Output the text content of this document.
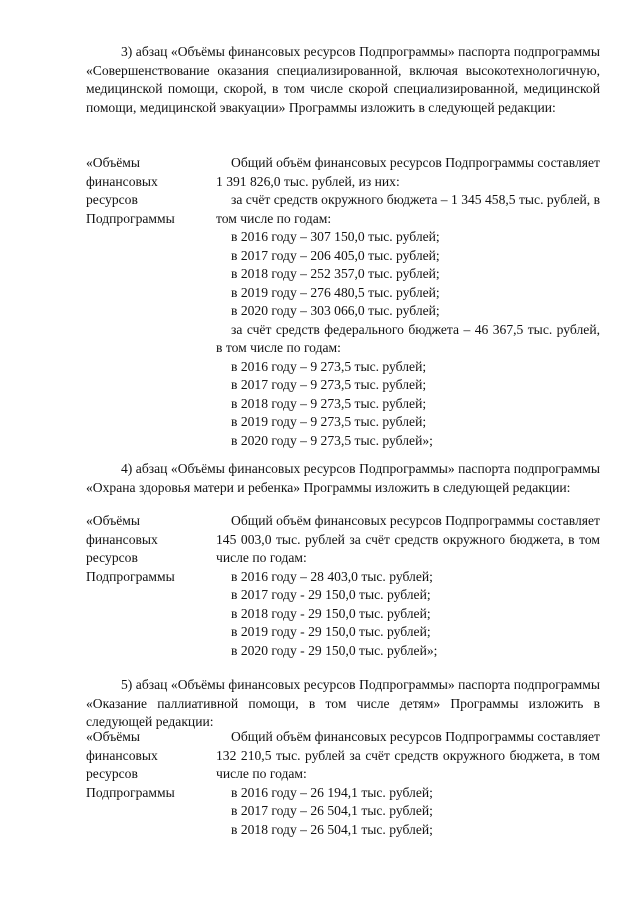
3) абзац «Объёмы финансовых ресурсов Подпрограммы» паспорта подпрограммы «Совершенствование оказания специализированной, включая высокотехнологичную, медицинской помощи, скорой, в том числе скорой специализированной, медицинской помощи, медицинской эвакуации» Программы изложить в следующей редакции:

«Объёмы
финансовых
ресурсов
Подпрограммы

Общий объём финансовых ресурсов Подпрограммы составляет 1 391 826,0 тыс. рублей, из них:

за счёт средств окружного бюджета – 1 345 458,5 тыс. рублей, в том числе по годам:

в 2016 году – 307 150,0 тыс. рублей;

в 2017 году – 206 405,0 тыс. рублей;

в 2018 году – 252 357,0 тыс. рублей;

в 2019 году – 276 480,5 тыс. рублей;

в 2020 году – 303 066,0 тыс. рублей;

за счёт средств федерального бюджета – 46 367,5 тыс. рублей, в том числе по годам:

в 2016 году – 9 273,5 тыс. рублей;

в 2017 году – 9 273,5 тыс. рублей;

в 2018 году – 9 273,5 тыс. рублей;

в 2019 году – 9 273,5 тыс. рублей;

в 2020 году – 9 273,5 тыс. рублей»;

4) абзац «Объёмы финансовых ресурсов Подпрограммы» паспорта подпрограммы «Охрана здоровья матери и ребенка» Программы изложить в следующей редакции:

«Объёмы
финансовых
ресурсов
Подпрограммы

Общий объём финансовых ресурсов Подпрограммы составляет 145 003,0 тыс. рублей за счёт средств окружного бюджета, в том числе по годам:

в 2016 году – 28 403,0 тыс. рублей;

в 2017 году - 29 150,0 тыс. рублей;

в 2018 году - 29 150,0 тыс. рублей;

в 2019 году - 29 150,0 тыс. рублей;

в 2020 году - 29 150,0 тыс. рублей»;

5) абзац «Объёмы финансовых ресурсов Подпрограммы» паспорта подпрограммы «Оказание паллиативной помощи, в том числе детям» Программы изложить в следующей редакции:

«Объёмы
финансовых
ресурсов
Подпрограммы

Общий объём финансовых ресурсов Подпрограммы составляет 132 210,5 тыс. рублей за счёт средств окружного бюджета, в том числе по годам:

в 2016 году – 26 194,1 тыс. рублей;

в 2017 году – 26 504,1 тыс. рублей;

в 2018 году – 26 504,1 тыс. рублей;
